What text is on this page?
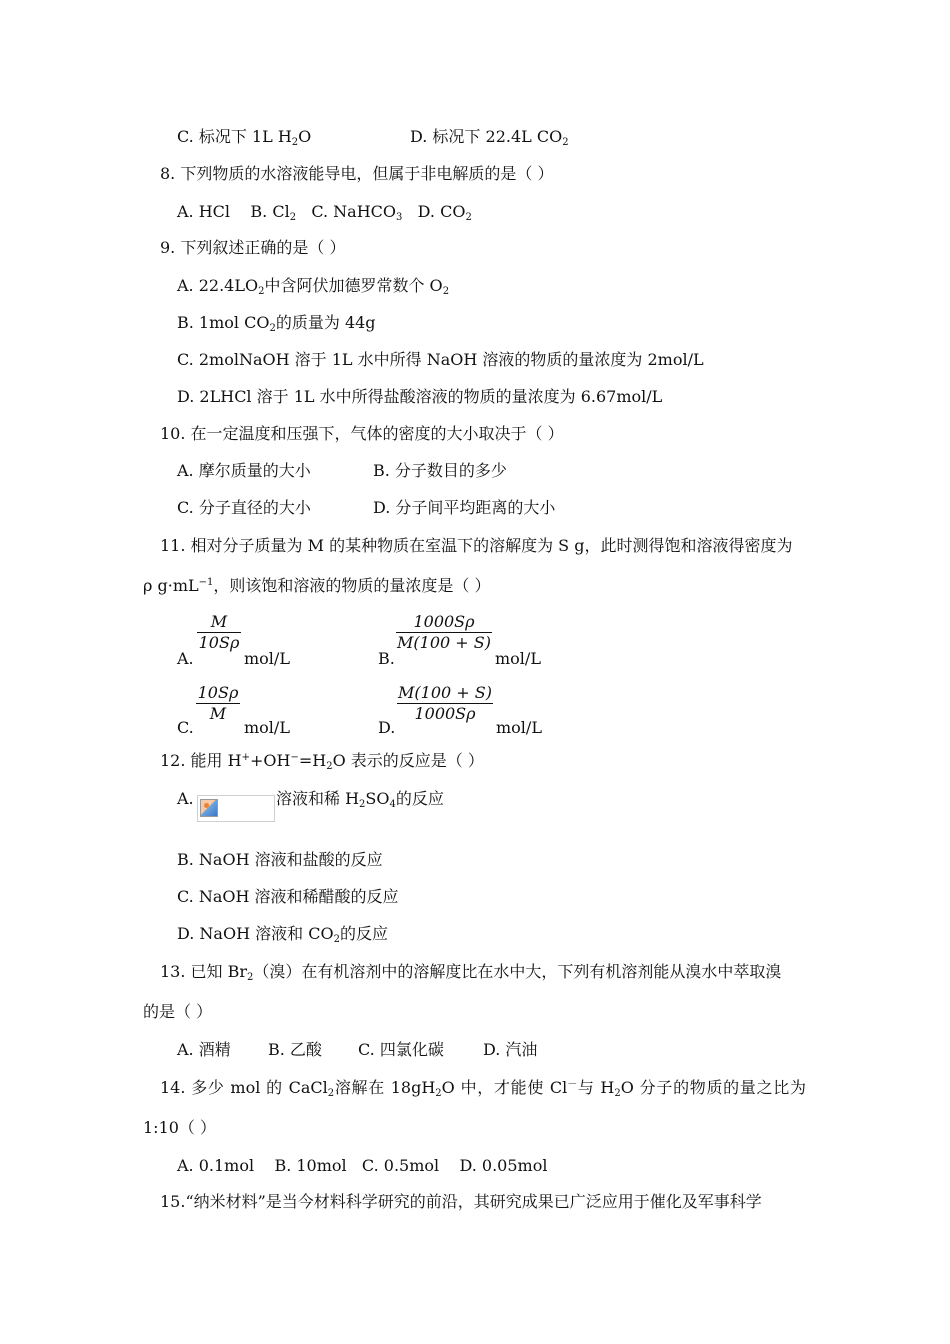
C. 标况下 1L $H_2O$	D. 标况下 22.4L $CO_2$
8. 下列物质的水溶液能导电，但属于非电解质的是（ ）
A. HCl B. $Cl_2$ C. NaHCO$_3$ D. $CO_2$
9. 下列叙述正确的是（ ）
A. $22.4LO_2$中含阿伏加德罗常数个 $O_2$
B. 1mol $CO_2$的质量为 44g
C. 2molNaOH 溶于 1L 水中所得 NaOH 溶液的物质的量浓度为 2mol/L
D. 2LHCl 溶于 1L 水中所得盐酸溶液的物质的量浓度为 6.67mol/L
10. 在一定温度和压强下，气体的密度的大小取决于（ ）
A. 摩尔质量的大小	B. 分子数目的多少
C. 分子直径的大小	D. 分子间平均距离的大小
11. 相对分子质量为 M 的某种物质在室温下的溶解度为 S g，此时测得饱和溶液得密度为
ρ $g\cdot mL^{-1}$，则该饱和溶液的物质的量浓度是（ ）
A.
M
10Sρ
mol/L	B.
1000Sρ
M(100 + S)
mol/L
C.
10Sρ
M
mol/L	D.
M(100 + S)
1000Sρ
mol/L
12. 能用 $H^++OH^-=H_2O$ 表示的反应是（ ）
A.	溶液和稀 $H_2SO_4$的反应
B. NaOH 溶液和盐酸的反应
C. NaOH 溶液和稀醋酸的反应
D. NaOH 溶液和 $CO_2$的反应
13. 已知 $Br_2$（溴）在有机溶剂中的溶解度比在水中大，下列有机溶剂能从溴水中萃取溴
的是（ ）
A. 酒精 B. 乙酸 C. 四氯化碳 D. 汽油
14. 多少 mol 的 CaCl$_2$溶解在 $18gH_2O$ 中，才能使 Cl－与 $H_2O$ 分子的物质的量之比为
1:10（ ）
A. 0.1mol B. 10mol C. 0.5mol D. 0.05mol
15.“纳米材料”是当今材料科学研究的前沿，其研究成果已广泛应用于催化及军事科学
